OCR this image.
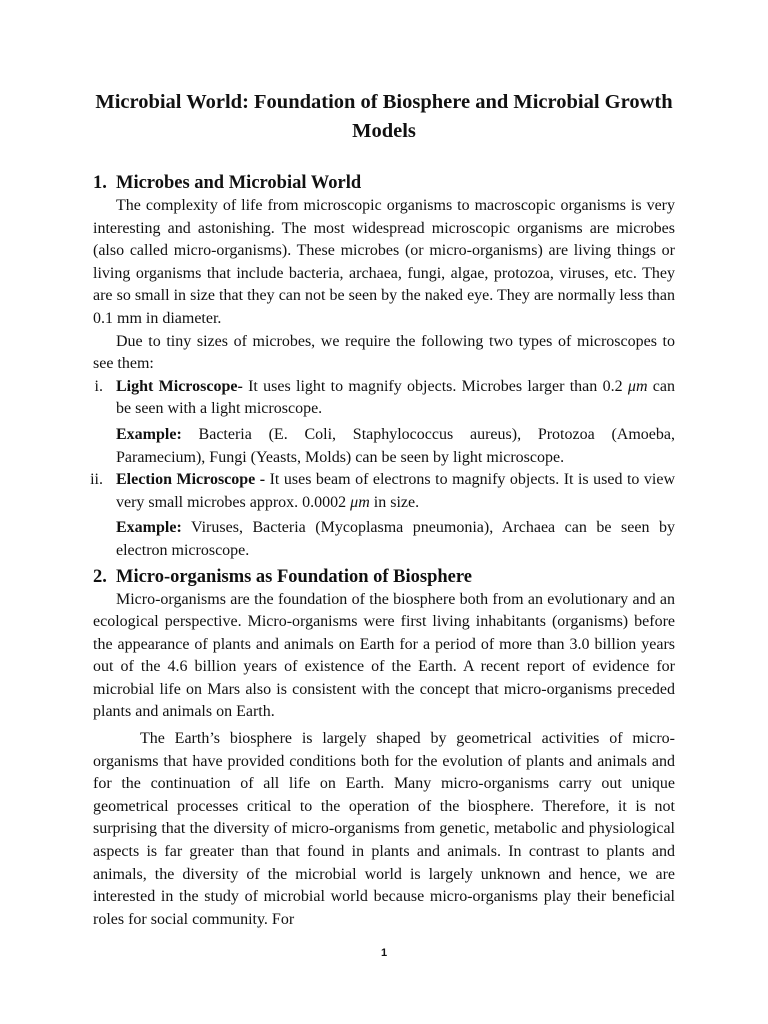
Microbial World: Foundation of Biosphere and Microbial Growth Models
1. Microbes and Microbial World

The complexity of life from microscopic organisms to macroscopic organisms is very interesting and astonishing. The most widespread microscopic organisms are microbes (also called micro-organisms). These microbes (or micro-organisms) are living things or living organisms that include bacteria, archaea, fungi, algae, protozoa, viruses, etc. They are so small in size that they can not be seen by the naked eye. They are normally less than 0.1 mm in diameter.

Due to tiny sizes of microbes, we require the following two types of microscopes to see them:

i. Light Microscope- It uses light to magnify objects. Microbes larger than 0.2 μm can be seen with a light microscope.

Example: Bacteria (E. Coli, Staphylococcus aureus), Protozoa (Amoeba, Paramecium), Fungi (Yeasts, Molds) can be seen by light microscope.

ii. Election Microscope - It uses beam of electrons to magnify objects. It is used to view very small microbes approx. 0.0002 μm in size.

Example: Viruses, Bacteria (Mycoplasma pneumonia), Archaea can be seen by electron microscope.

2. Micro-organisms as Foundation of Biosphere

Micro-organisms are the foundation of the biosphere both from an evolutionary and an ecological perspective. Micro-organisms were first living inhabitants (organisms) before the appearance of plants and animals on Earth for a period of more than 3.0 billion years out of the 4.6 billion years of existence of the Earth. A recent report of evidence for microbial life on Mars also is consistent with the concept that micro-organisms preceded plants and animals on Earth.

The Earth’s biosphere is largely shaped by geometrical activities of micro-organisms that have provided conditions both for the evolution of plants and animals and for the continuation of all life on Earth. Many micro-organisms carry out unique geometrical processes critical to the operation of the biosphere. Therefore, it is not surprising that the diversity of micro-organisms from genetic, metabolic and physiological aspects is far greater than that found in plants and animals. In contrast to plants and animals, the diversity of the microbial world is largely unknown and hence, we are interested in the study of microbial world because micro-organisms play their beneficial roles for social community. For

1
